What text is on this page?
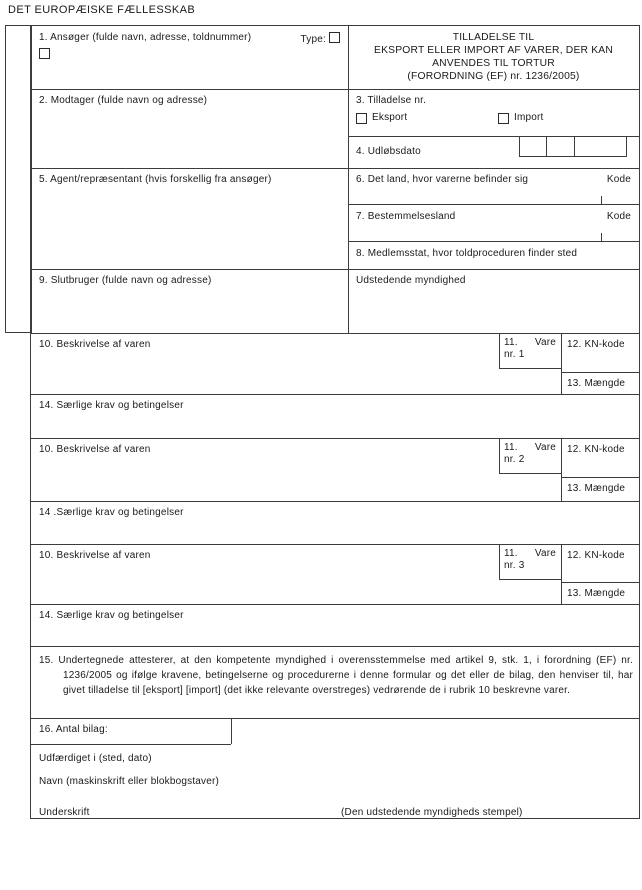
DET EUROPÆISKE FÆLLESSKAB
1. Ansøger (fulde navn, adresse, toldnummer)	Type:	TILLADELSE TIL
EKSPORT ELLER IMPORT AF VARER, DER KAN
ANVENDES TIL TORTUR
(FORORDNING (EF) nr. 1236/2005)
2. Modtager (fulde navn og adresse)	3. Tilladelse nr.
Eksport	Import
4. Udløbsdato
5. Agent/repræsentant (hvis forskellig fra ansøger)	6. Det land, hvor varerne befinder sig	Kode
7. Bestemmelsesland	Kode
8. Medlemsstat, hvor toldproceduren finder sted
9. Slutbruger (fulde navn og adresse)	Udstedende myndighed
10. Beskrivelse af varen	11. Vare
nr. 1
12. KN-kode
13. Mængde
14. Særlige krav og betingelser
10. Beskrivelse af varen	11. Vare
nr. 2
12. KN-kode
13. Mængde
14 .Særlige krav og betingelser
10. Beskrivelse af varen	11. Vare
nr. 3
12. KN-kode
13. Mængde
14. Særlige krav og betingelser
15. Undertegnede attesterer, at den kompetente myndighed i overensstemmelse med artikel 9, stk. 1, i forordning (EF) nr. 1236/2005 og ifølge kravene, betingelserne og procedurerne i denne formular og det eller de bilag, den henviser til, har givet tilladelse til [eksport] [import] (det ikke relevante overstreges) vedrørende de i rubrik 10 beskrevne varer.
16. Antal bilag:
Udfærdiget i (sted, dato)
Navn (maskinskrift eller blokbogstaver)
Underskrift	(Den udstedende myndigheds stempel)
